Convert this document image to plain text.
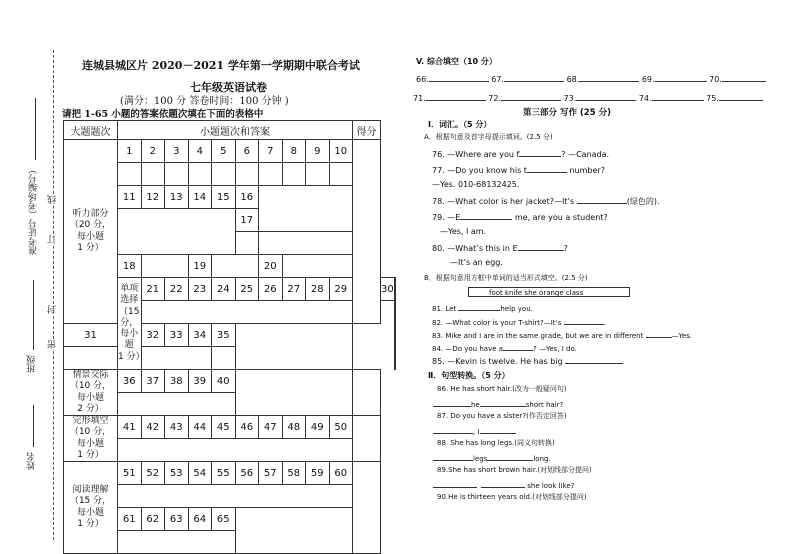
姓名
班级
准考证号（考场编号）
密
封
订
线
连城县城区片 2020－2021 学年第一学期期中联合考试
七年级英语试卷
(满分：100 分 答卷时间：100 分钟 )
请把 1-65 小题的答案依题次填在下面的表格中
大题题次	小题题次和答案										得分		

听力部分
（20 分，
每小题
1 分）	1	2	3	4	5	6	7	8	9	10			

	11	12	13	14	15	16							
						17							

	18			19			20						

	单项选择
（15 分，
每小题
1 分）	21	22	23	24	25	26	27	28	29		30	

31		32	33	34	35								

情景交际
（10 分，
每小题
2 分）	36	37	38	39	40								

完形填空
（10 分，
每小题
1 分）	41	42	43	44	45	46	47	48	49	50			

阅读理解
（15 分，
每小题
1 分）	51	52	53	54	55	56	57	58	59	60			

	61	62	63	64	65								

V. 综合填空（10 分）
66.	67.	68.	69.	70.
71.	72.	73.	74.	75.
第三部分 写作 (25 分)
Ⅰ．词汇。（5 分）
A．根据句意及首字母提示填词。(2.5 分)
76. —Where are you f	? —Canada.
77. —Do you know his t	number?
—Yes. 010-68132425.
78. —What color is her jacket?—It’s	(绿色的).
79. —E	me, are you a student?
—Yes, I am.
80. —What’s this in E	?
—It’s an egg.
B．根据句意用方框中单词的适当形式填空。(2.5 分)
foot knife she orange class
81. Let	help you.
82. —What color is your T-shirt?—It’s	.
83. Mike and I are in the same grade, but we are in different	—Yes.
84. —Do you have a	? —Yes, I do.
85. —Kevin is twelve. He has big
Ⅱ．句型转换。（5 分）
86. He has short hair.(改为一般疑问句)
he	short hair?
87. Do you have a sister?(作否定回答)
, I
88. She has long legs.(同义句转换)
legs	long.
89.She has short brown hair.(对划线部分提问)
she look like?
90.He is thirteen years old.(对划线部分提问)
